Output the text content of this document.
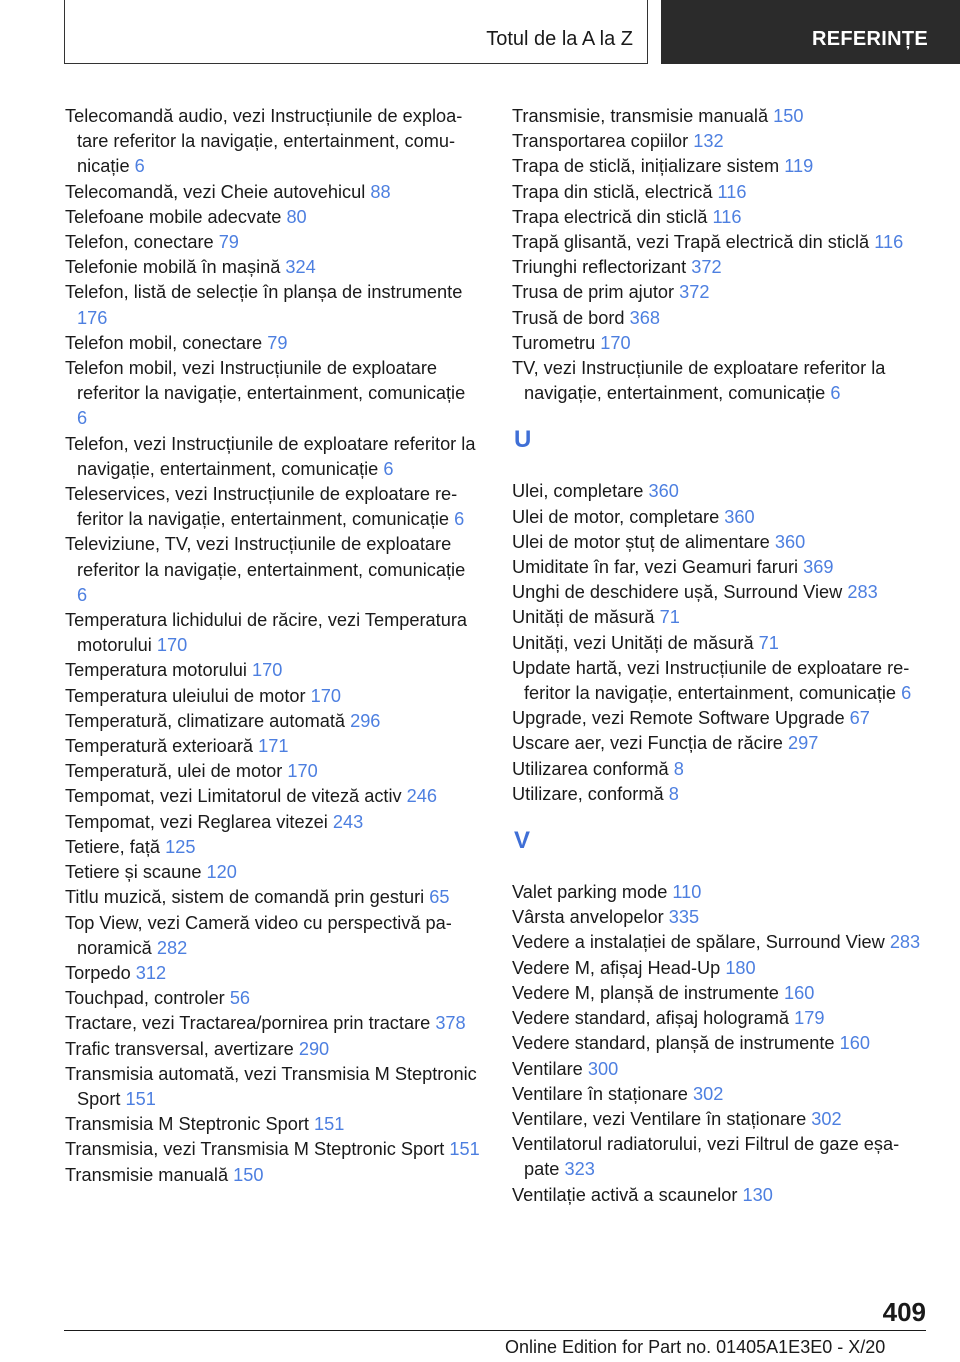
Totul de la A la Z	REFERINȚE
Telecomandă audio, vezi Instrucțiunile de exploatare referitor la navigație, entertainment, comunicație 6
Telecomandă, vezi Cheie autovehicul 88
Telefoane mobile adecvate 80
Telefon, conectare 79
Telefonie mobilă în mașină 324
Telefon, listă de selecție în planșa de instrumente 176
Telefon mobil, conectare 79
Telefon mobil, vezi Instrucțiunile de exploatare referitor la navigație, entertainment, comunicație 6
Telefon, vezi Instrucțiunile de exploatare referitor la navigație, entertainment, comunicație 6
Teleservices, vezi Instrucțiunile de exploatare referitor la navigație, entertainment, comunicație 6
Televiziune, TV, vezi Instrucțiunile de exploatare referitor la navigație, entertainment, comunicație 6
Temperatura lichidului de răcire, vezi Temperatura motorului 170
Temperatura motorului 170
Temperatura uleiului de motor 170
Temperatură, climatizare automată 296
Temperatură exterioară 171
Temperatură, ulei de motor 170
Tempomat, vezi Limitatorul de viteză activ 246
Tempomat, vezi Reglarea vitezei 243
Tetiere, față 125
Tetiere și scaune 120
Titlu muzică, sistem de comandă prin gesturi 65
Top View, vezi Cameră video cu perspectivă panoramică 282
Torpedo 312
Touchpad, controler 56
Tractare, vezi Tractarea/pornirea prin tractare 378
Trafic transversal, avertizare 290
Transmisia automată, vezi Transmisia M Steptronic Sport 151
Transmisia M Steptronic Sport 151
Transmisia, vezi Transmisia M Steptronic Sport 151
Transmisie manuală 150
Transmisie, transmisie manuală 150
Transportarea copiilor 132
Trapa de sticlă, inițializare sistem 119
Trapa din sticlă, electrică 116
Trapa electrică din sticlă 116
Trapă glisantă, vezi Trapă electrică din sticlă 116
Triunghi reflectorizant 372
Trusa de prim ajutor 372
Trusă de bord 368
Turometru 170
TV, vezi Instrucțiunile de exploatare referitor la navigație, entertainment, comunicație 6
U
Ulei, completare 360
Ulei de motor, completare 360
Ulei de motor ștuț de alimentare 360
Umiditate în far, vezi Geamuri faruri 369
Unghi de deschidere ușă, Surround View 283
Unități de măsură 71
Unități, vezi Unități de măsură 71
Update hartă, vezi Instrucțiunile de exploatare referitor la navigație, entertainment, comunicație 6
Upgrade, vezi Remote Software Upgrade 67
Uscare aer, vezi Funcția de răcire 297
Utilizarea conformă 8
Utilizare, conformă 8
V
Valet parking mode 110
Vârsta anvelopelor 335
Vedere a instalației de spălare, Surround View 283
Vedere M, afișaj Head-Up 180
Vedere M, planșă de instrumente 160
Vedere standard, afișaj hologramă 179
Vedere standard, planșă de instrumente 160
Ventilare 300
Ventilare în staționare 302
Ventilare, vezi Ventilare în staționare 302
Ventilatorul radiatorului, vezi Filtrul de gaze eșapate 323
Ventilație activă a scaunelor 130
409
Online Edition for Part no. 01405A1E3E0 - X/20
